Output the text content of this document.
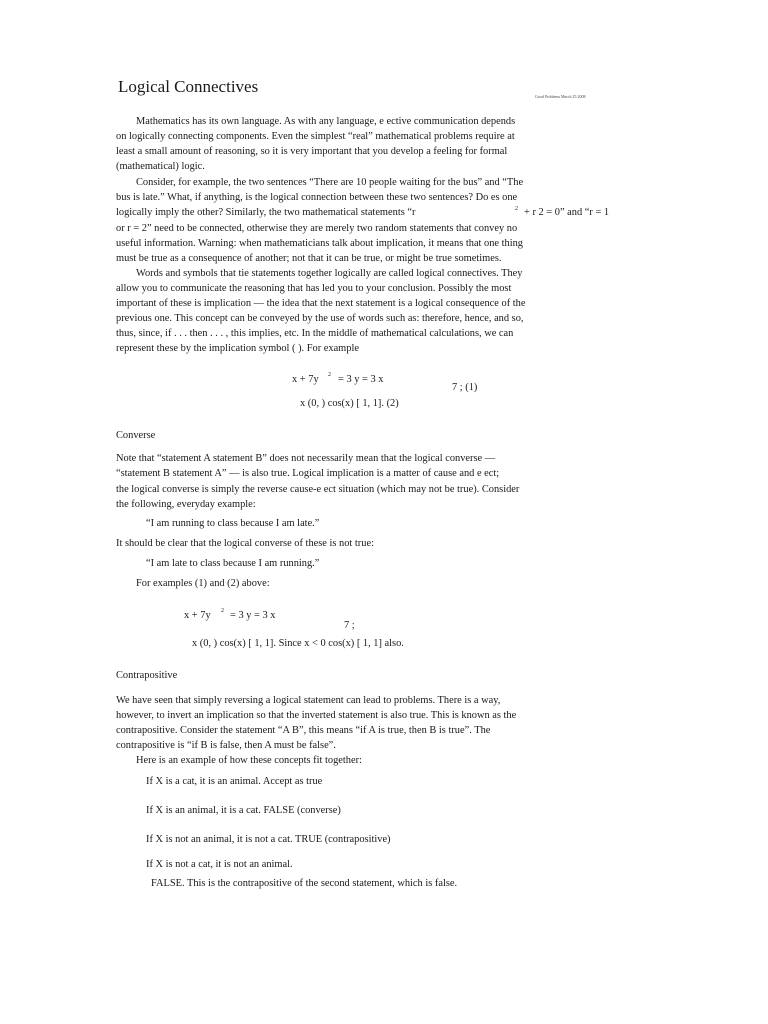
Logical Connectives
Good Problems March 25 2008
Mathematics has its own language. As with any language, e ective communication depends
on logically connecting components. Even the simplest “real” mathematical problems require at
least a small amount of reasoning, so it is very important that you develop a feeling for formal
(mathematical) logic.
Consider, for example, the two sentences “There are 10 people waiting for the bus” and “The
bus is late.” What, if anything, is the logical connection between these two sentences? Do es one
logically imply the other? Similarly, the two mathematical statements “r	2 + r 2 = 0” and “r = 1
or r = 2” need to be connected, otherwise they are merely two random statements that convey no
useful information. Warning: when mathematicians talk about implication, it means that one thing
must be true as a consequence of another; not that it can be true, or might be true sometimes.
Words and symbols that tie statements together logically are called logical connectives. They
allow you to communicate the reasoning that has led you to your conclusion. Possibly the most
important of these is implication — the idea that the next statement is a logical consequence of the
previous one. This concept can be conveyed by the use of words such as: therefore, hence, and so,
thus, since, if . . . then . . . , this implies, etc. In the middle of mathematical calculations, we can
represent these by the implication symbol ( ). For example
x + 7y 2 = 3 y = 3 x
7 ; (1)
x (0, ) cos(x) [ 1, 1]. (2)
Converse
Note that “statement A statement B” does not necessarily mean that the logical converse —
“statement B statement A” — is also true. Logical implication is a matter of cause and e ect;
the logical converse is simply the reverse cause-e ect situation (which may not be true). Consider
the following, everyday example:
“I am running to class because I am late.”
It should be clear that the logical converse of these is not true:
“I am late to class because I am running.”
For examples (1) and (2) above:
x + 7y 2 = 3 y = 3 x
7 ;
x (0, ) cos(x) [ 1, 1]. Since x < 0 cos(x) [ 1, 1] also.
Contrapositive
We have seen that simply reversing a logical statement can lead to problems. There is a way,
however, to invert an implication so that the inverted statement is also true. This is known as the
contrapositive. Consider the statement “A B”, this means “if A is true, then B is true”. The
contrapositive is “if B is false, then A must be false”.
Here is an example of how these concepts fit together:
If X is a cat, it is an animal. Accept as true
If X is an animal, it is a cat. FALSE (converse)
If X is not an animal, it is not a cat. TRUE (contrapositive)
If X is not a cat, it is not an animal.
FALSE. This is the contrapositive of the second statement, which is false.
